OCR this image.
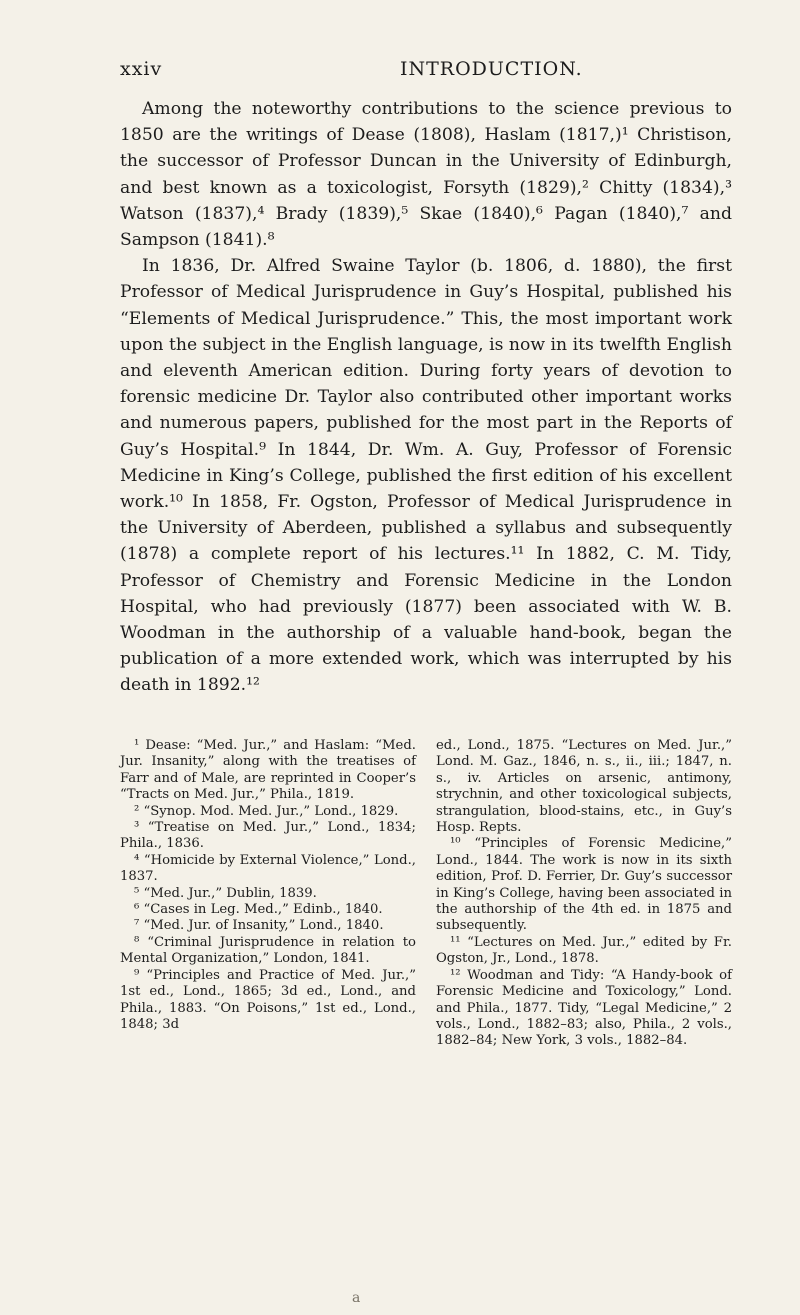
xxiv	INTRODUCTION.

Among the noteworthy contributions to the science previous to 1850 are the writings of Dease (1808), Haslam (1817,)¹ Christison, the successor of Professor Duncan in the University of Edinburgh, and best known as a toxicologist, Forsyth (1829),² Chitty (1834),³ Watson (1837),⁴ Brady (1839),⁵ Skae (1840),⁶ Pagan (1840),⁷ and Sampson (1841).⁸

In 1836, Dr. Alfred Swaine Taylor (b. 1806, d. 1880), the first Professor of Medical Jurisprudence in Guy’s Hospital, published his “Elements of Medical Jurisprudence.” This, the most important work upon the subject in the English language, is now in its twelfth English and eleventh American edition. During forty years of devotion to forensic medicine Dr. Taylor also contributed other important works and numerous papers, published for the most part in the Reports of Guy’s Hospital.⁹ In 1844, Dr. Wm. A. Guy, Professor of Forensic Medicine in King’s College, published the first edition of his excellent work.¹⁰ In 1858, Fr. Ogston, Professor of Medical Jurisprudence in the University of Aberdeen, published a syllabus and subsequently (1878) a complete report of his lectures.¹¹ In 1882, C. M. Tidy, Professor of Chemistry and Forensic Medicine in the London Hospital, who had previously (1877) been associated with W. B. Woodman in the authorship of a valuable hand-book, began the publication of a more extended work, which was interrupted by his death in 1892.¹²

¹ Dease: “Med. Jur.,” and Haslam: “Med. Jur. Insanity,” along with the treatises of Farr and of Male, are reprinted in Cooper’s “Tracts on Med. Jur.,” Phila., 1819.

² “Synop. Mod. Med. Jur.,” Lond., 1829.

³ “Treatise on Med. Jur.,” Lond., 1834; Phila., 1836.

⁴ “Homicide by External Violence,” Lond., 1837.

⁵ “Med. Jur.,” Dublin, 1839.

⁶ “Cases in Leg. Med.,” Edinb., 1840.

⁷ “Med. Jur. of Insanity,” Lond., 1840.

⁸ “Criminal Jurisprudence in relation to Mental Organization,” London, 1841.

⁹ “Principles and Practice of Med. Jur.,” 1st ed., Lond., 1865; 3d ed., Lond., and Phila., 1883. “On Poisons,” 1st ed., Lond., 1848; 3d

ed., Lond., 1875. “Lectures on Med. Jur.,” Lond. M. Gaz., 1846, n. s., ii., iii.; 1847, n. s., iv. Articles on arsenic, antimony, strychnin, and other toxicological subjects, strangulation, blood-stains, etc., in Guy’s Hosp. Repts.

¹⁰ “Principles of Forensic Medicine,” Lond., 1844. The work is now in its sixth edition, Prof. D. Ferrier, Dr. Guy’s successor in King’s College, having been associated in the authorship of the 4th ed. in 1875 and subsequently.

¹¹ “Lectures on Med. Jur.,” edited by Fr. Ogston, Jr., Lond., 1878.

¹² Woodman and Tidy: “A Handy-book of Forensic Medicine and Toxicology,” Lond. and Phila., 1877. Tidy, “Legal Medicine,” 2 vols., Lond., 1882–83; also, Phila., 2 vols., 1882–84; New York, 3 vols., 1882–84.

a
